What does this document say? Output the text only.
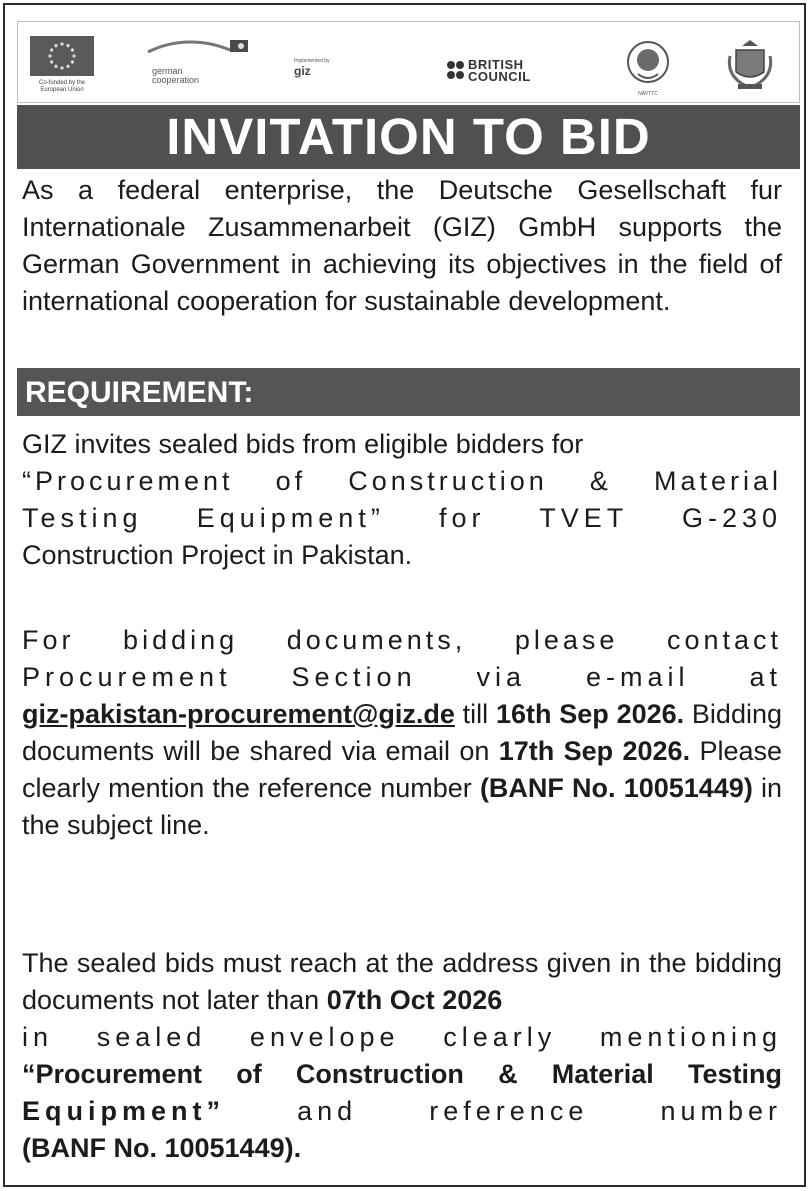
Co-funded by the European Union
german
cooperation
Implemented by
giz	BRITISH
COUNCIL
NAVTTC
INVITATION TO BID
As a federal enterprise, the Deutsche Gesellschaft fur Internationale Zusammenarbeit (GIZ) GmbH supports the German Government in achieving its objectives in the field of international cooperation for sustainable development.
REQUIREMENT:
GIZ invites sealed bids from eligible bidders for
“Procurement of Construction & Material
Testing Equipment” for TVET G-230
Construction Project in Pakistan.
For bidding documents, please contact
Procurement Section via e-mail at
giz-pakistan-procurement@giz.de till 16th Sep 2026. Bidding documents will be shared via email on 17th Sep 2026. Please clearly mention the reference number (BANF No. 10051449) in the subject line.
The sealed bids must reach at the address given in the bidding documents not later than 07th Oct 2026
in sealed envelope clearly mentioning
“Procurement of Construction & Material Testing
Equipment” and reference number
(BANF No. 10051449).
